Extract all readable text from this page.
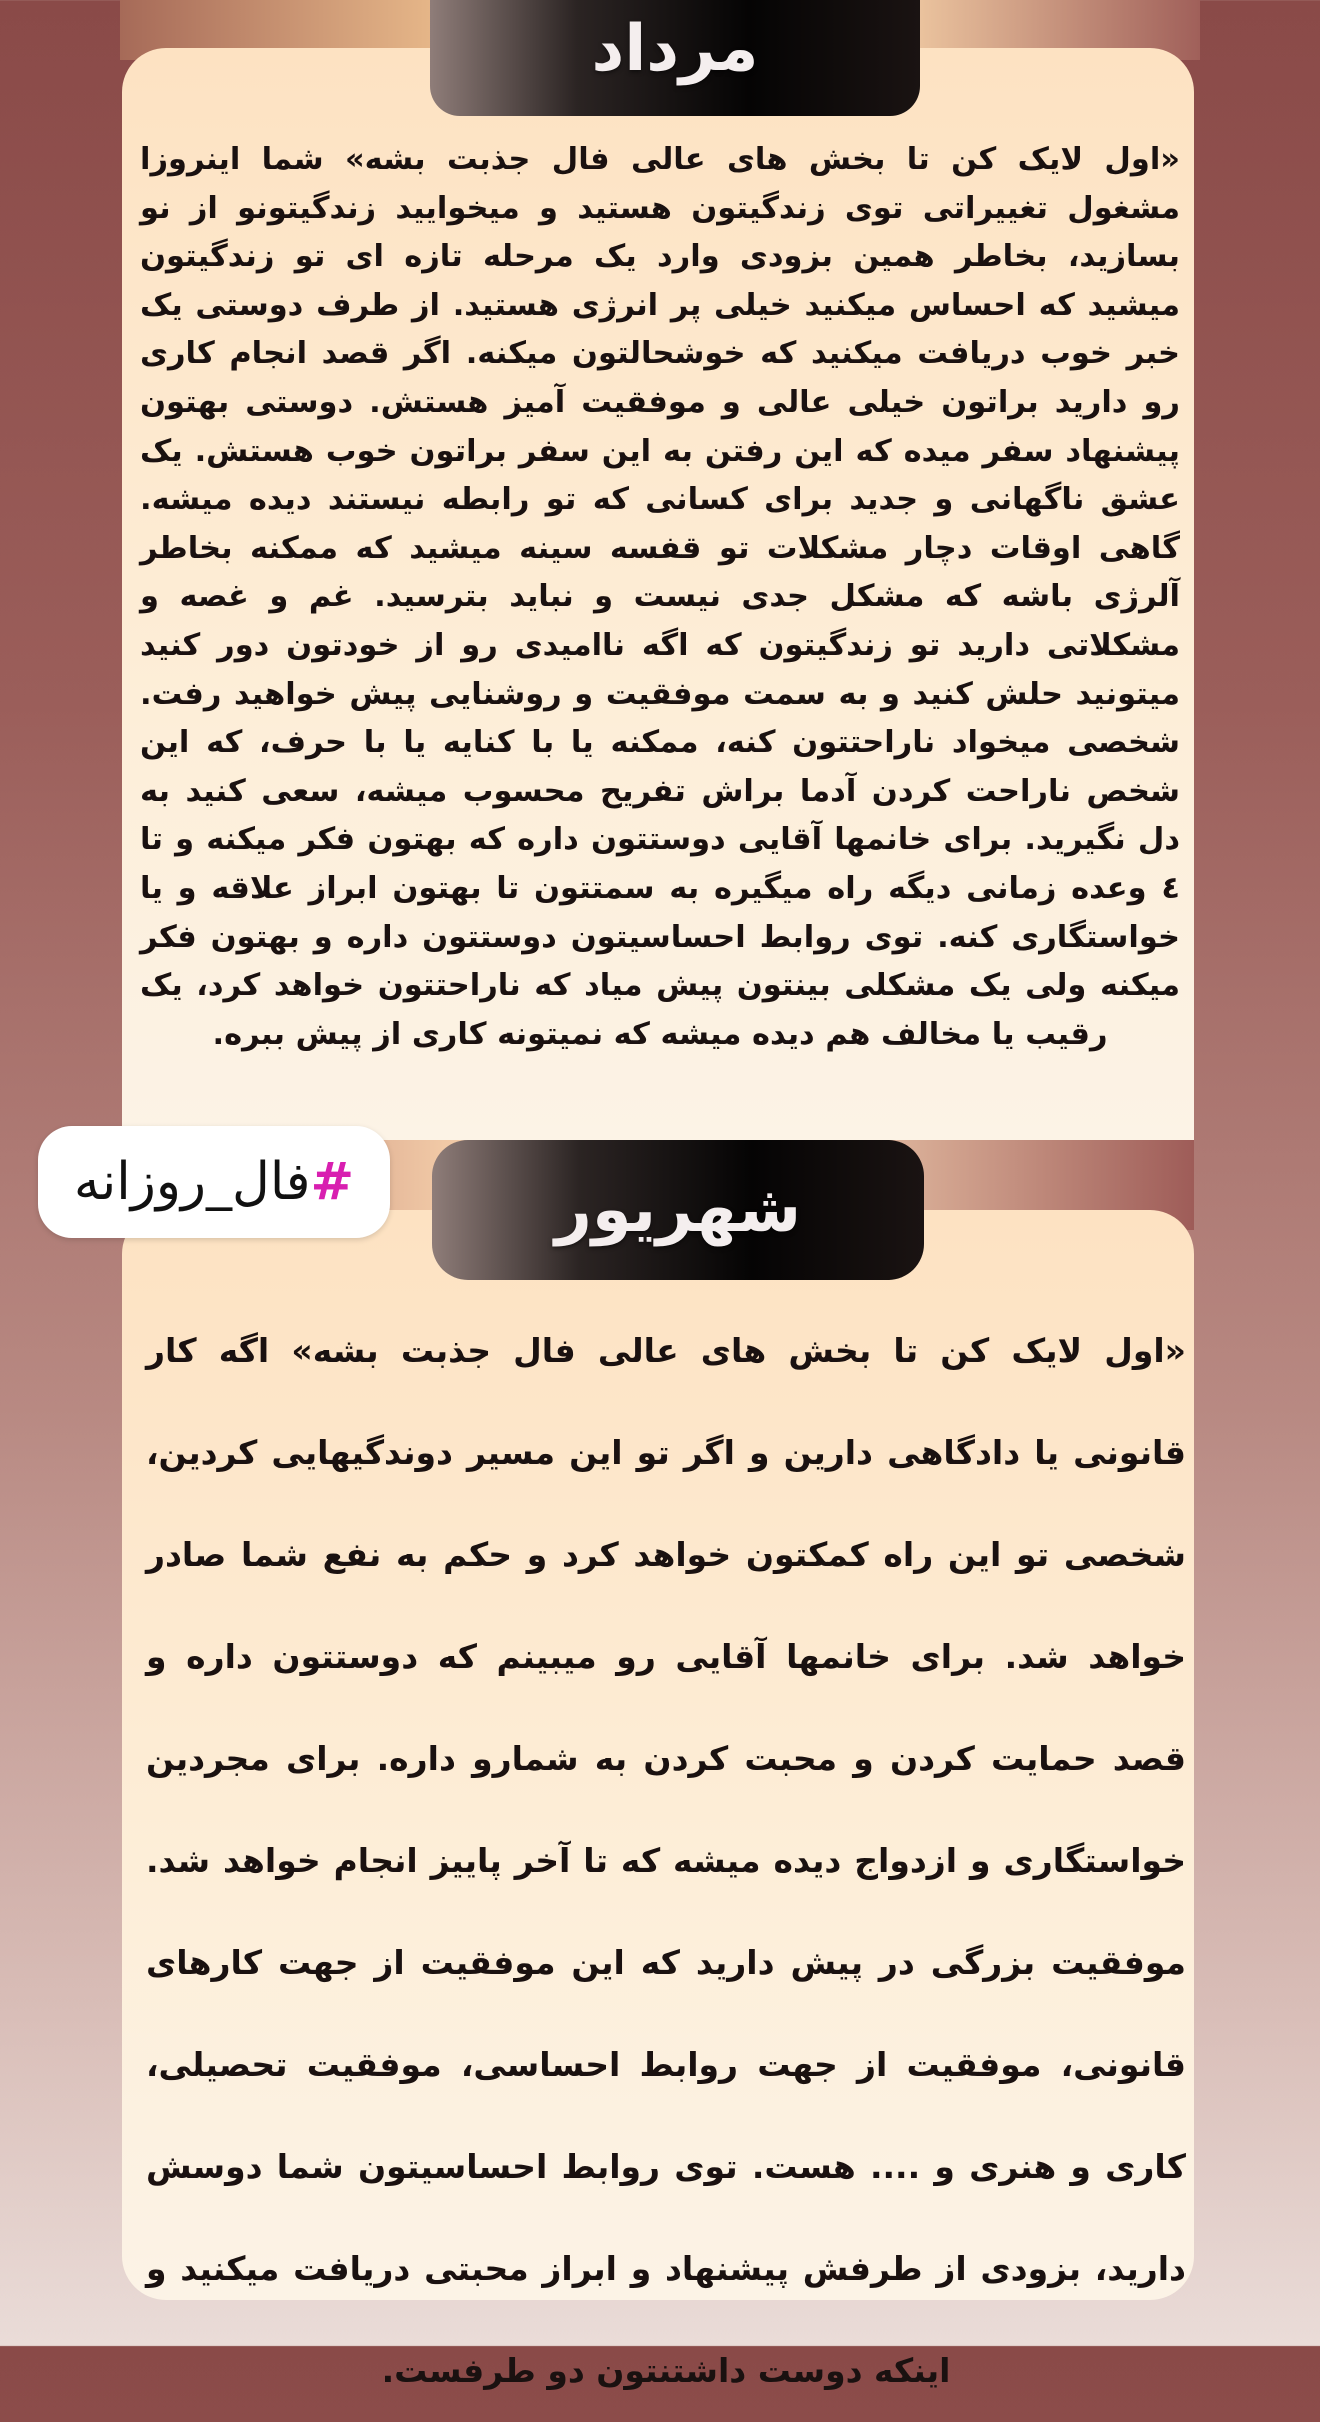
مرداد
«اول لایک کن تا بخش های عالی فال جذبت بشه» شما اینروزا مشغول تغییراتی توی زندگیتون هستید و میخوایید زندگیتونو از نو بسازید، بخاطر همین بزودی وارد یک مرحله تازه ای تو زندگیتون میشید که احساس میکنید خیلی پر انرژی هستید. از طرف دوستی یک خبر خوب دریافت میکنید که خوشحالتون میکنه. اگر قصد انجام کاری رو دارید براتون خیلی عالی و موفقیت آمیز هستش. دوستی بهتون پیشنهاد سفر میده که این رفتن به این سفر براتون خوب هستش. یک عشق ناگهانی و جدید برای کسانی که تو رابطه نیستند دیده میشه. گاهی اوقات دچار مشکلات تو قفسه سینه میشید که ممکنه بخاطر آلرژی باشه که مشکل جدی نیست و نباید بترسید. غم و غصه و مشکلاتی دارید تو زندگیتون که اگه ناامیدی رو از خودتون دور کنید میتونید حلش کنید و به سمت موفقیت و روشنایی پیش خواهید رفت. شخصی میخواد ناراحتتون کنه، ممکنه یا با کنایه یا با حرف، که این شخص ناراحت کردن آدما براش تفریح محسوب میشه، سعی کنید به دل نگیرید. برای خانمها آقایی دوستتون داره که بهتون فکر میکنه و تا ٤ وعده زمانی دیگه راه میگیره به سمتتون تا بهتون ابراز علاقه و یا خواستگاری کنه. توی روابط احساسیتون دوستتون داره و بهتون فکر میکنه ولی یک مشکلی بینتون پیش میاد که ناراحتتون خواهد کرد، یک رقیب یا مخالف هم دیده میشه که نمیتونه کاری از پیش ببره.
شهریور
«اول لایک کن تا بخش های عالی فال جذبت بشه» اگه کار قانونی یا دادگاهی دارین و اگر تو این مسیر دوندگیهایی کردین، شخصی تو این راه کمکتون خواهد کرد و حکم به نفع شما صادر خواهد شد. برای خانمها آقایی رو میبینم که دوستتون داره و قصد حمایت کردن و محبت کردن به شمارو داره. برای مجردین خواستگاری و ازدواج دیده میشه که تا آخر پاییز انجام خواهد شد. موفقیت بزرگی در پیش دارید که این موفقیت از جهت کارهای قانونی، موفقیت از جهت روابط احساسی، موفقیت تحصیلی، کاری و هنری و .... هست. توی روابط احساسیتون شما دوسش دارید، بزودی از طرفش پیشنهاد و ابراز محبتی دریافت میکنید و اینکه دوست داشتنتون دو طرفست.
#
فال_روزانه
